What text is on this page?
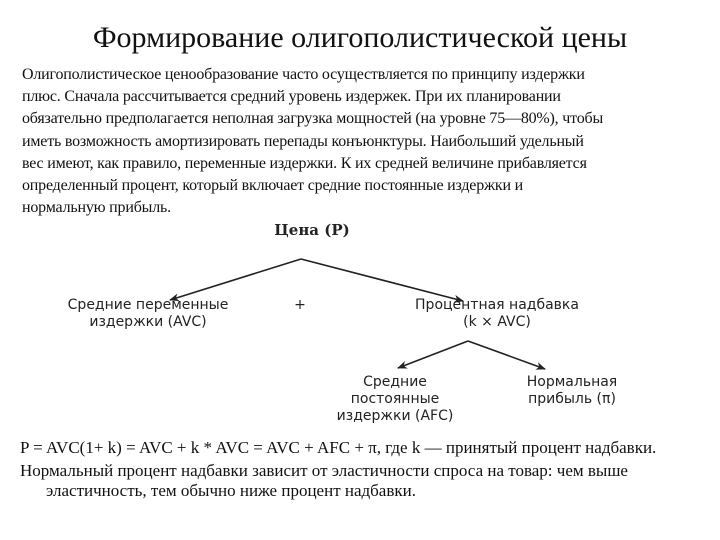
Формирование олигополистической цены
Олигополистическое ценообразование часто осуществляется по принципу издержки
плюс. Сначала рассчитывается средний уровень издержек. При их планировании
обязательно предполагается неполная загрузка мощностей (на уровне 75—80%), чтобы
иметь возможность амортизировать перепады конъюнктуры. Наибольший удельный
вес имеют, как правило, переменные издержки. К их средней величине прибавляется
определенный процент, который включает средние постоянные издержки и
нормальную прибыль.
Цена (P)
Средние переменные
издержки (AVC)
+	Процентная надбавка
(k × AVC)
Средние
постоянные
издержки (AFC)
Нормальная
прибыль (π)

P = AVC(1+ k) = AVC + k * AVC = AVC + AFC + π, где k — принятый процент надбавки.

Нормальный процент надбавки зависит от эластичности спроса на товар: чем выше эластичность, тем обычно ниже процент надбавки.
